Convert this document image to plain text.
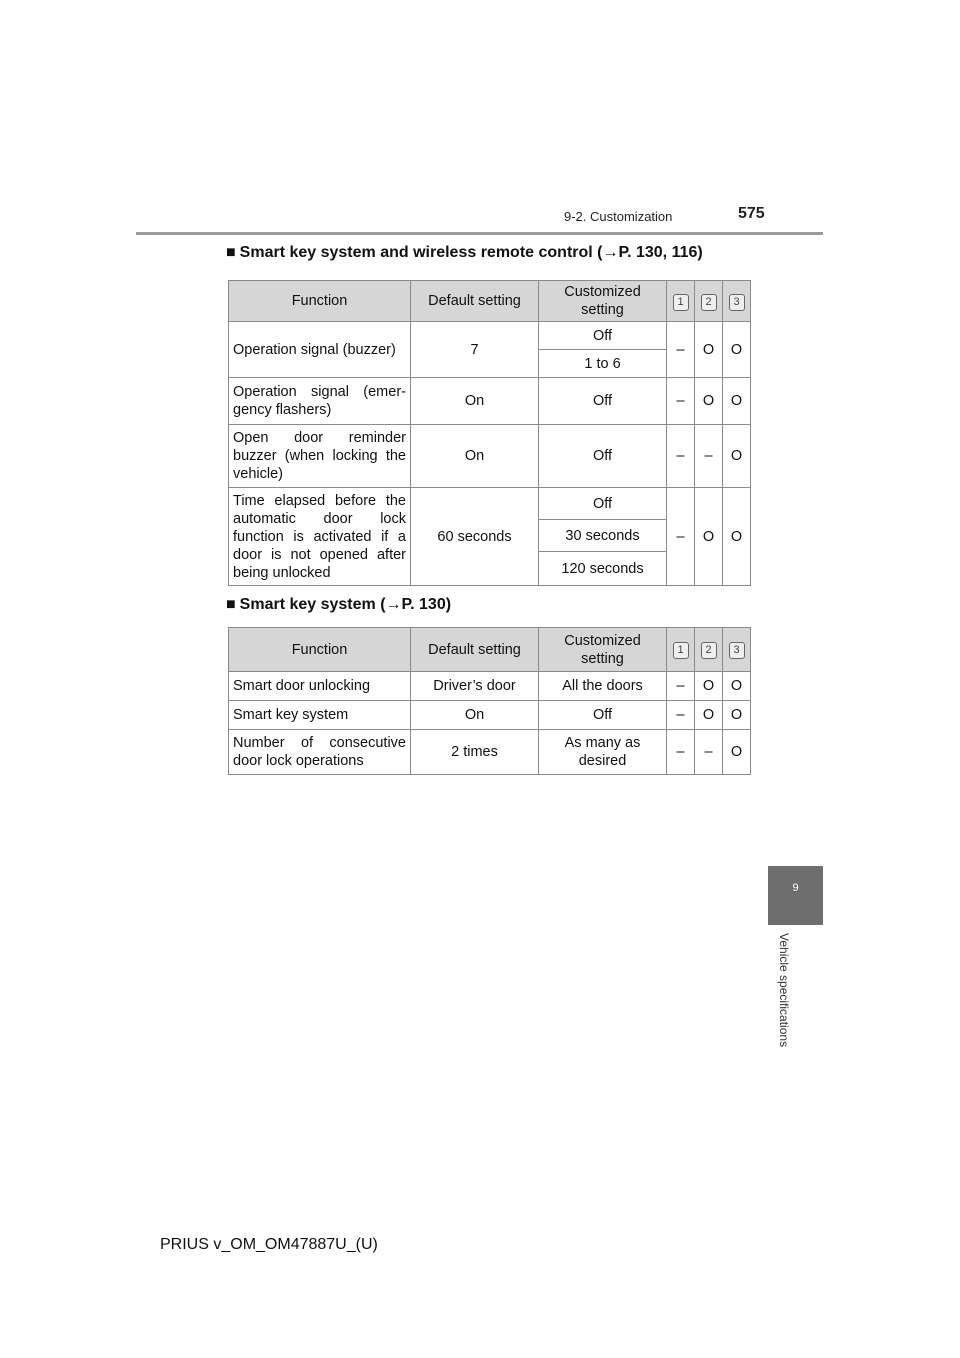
9-2. Customization	575
■ Smart key system and wireless remote control (→P. 130, 116)
Function	Default setting	Customized setting	1	2	3
Operation signal (buzzer)	7	Off	–	O	O
		1 to 6			
Operation signal (emer-gency flashers)	On	Off	–	O	O
Open door reminder buzzer (when locking the vehicle)	On	Off	–	–	O
Time elapsed before the automatic door lock function is activated if a door is not opened after being unlocked	60 seconds	Off	–	O	O
		30 seconds			
		120 seconds			
■ Smart key system (→P. 130)
Function	Default setting	Customized setting	1	2	3
Smart door unlocking	Driver’s door	All the doors	–	O	O
Smart key system	On	Off	–	O	O
Number of consecutive door lock operations	2 times	As many as desired	–	–	O
9
Vehicle specifications
PRIUS v_OM_OM47887U_(U)
